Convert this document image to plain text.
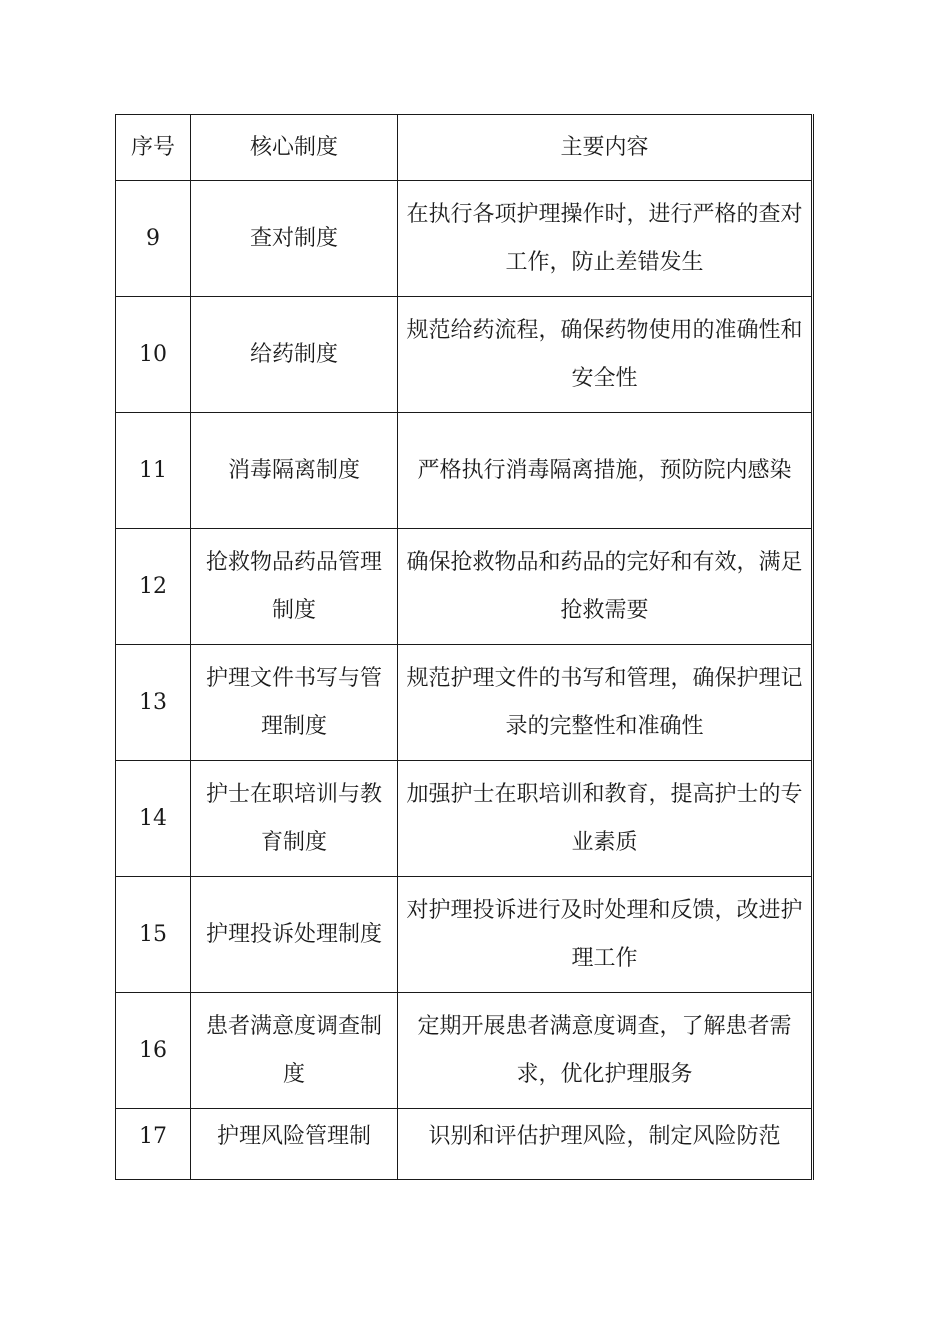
序号	核心制度	主要内容
9	查对制度	在执行各项护理操作时，进行严格的查对工作，防止差错发生

10	给药制度	规范给药流程，确保药物使用的准确性和安全性

11	消毒隔离制度	严格执行消毒隔离措施，预防院内感染

12	抢救物品药品管理制度	确保抢救物品和药品的完好和有效，满足抢救需要

13	护理文件书写与管理制度	规范护理文件的书写和管理，确保护理记录的完整性和准确性

14	护士在职培训与教育制度	加强护士在职培训和教育，提高护士的专业素质

15	护理投诉处理制度	对护理投诉进行及时处理和反馈，改进护理工作

16	患者满意度调查制度	定期开展患者满意度调查，了解患者需求，优化护理服务

17	护理风险管理制	识别和评估护理风险，制定风险防范
